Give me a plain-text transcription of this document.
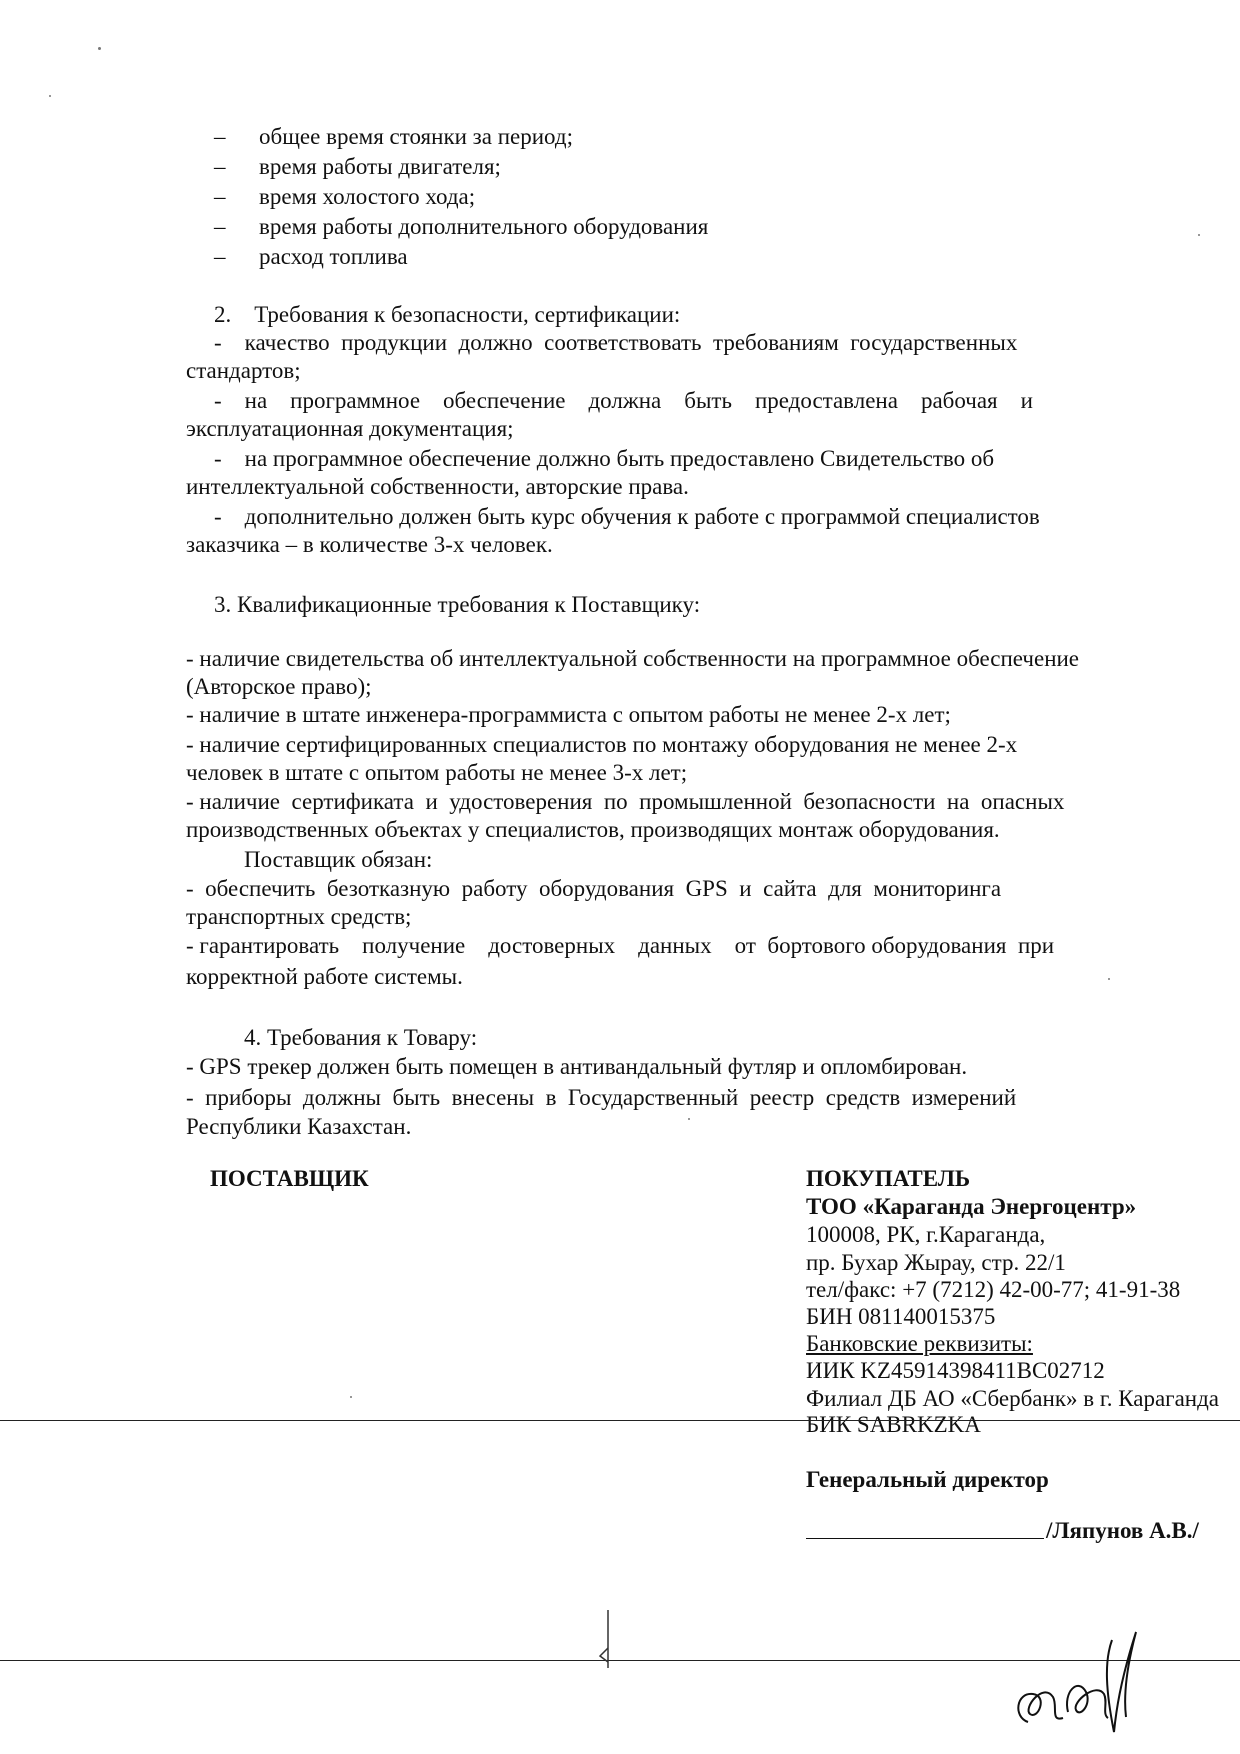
– общее время стоянки за период;
– время работы двигателя;
– время холостого хода;
– время работы дополнительного оборудования
– расход топлива
2.    Требования к безопасности, сертификации:
-    качество  продукции  должно  соответствовать  требованиям  государственных
стандартов;
-    на    программное    обеспечение    должна    быть    предоставлена    рабочая    и
эксплуатационная документация;
-    на программное обеспечение должно быть предоставлено Свидетельство об
интеллектуальной собственности, авторские права.
-    дополнительно должен быть курс обучения к работе с программой специалистов
заказчика – в количестве 3-х человек.
3. Квалификационные требования к Поставщику:
- наличие свидетельства об интеллектуальной собственности на программное обеспечение
(Авторское право);
- наличие в штате инженера-программиста с опытом работы не менее 2-х лет;
- наличие сертифицированных специалистов по монтажу оборудования не менее 2-х
человек в штате с опытом работы не менее 3-х лет;
- наличие  сертификата  и  удостоверения  по  промышленной  безопасности  на  опасных
производственных объектах у специалистов, производящих монтаж оборудования.
Поставщик обязан:
-  обеспечить  безотказную  работу  оборудования  GPS  и  сайта  для  мониторинга
транспортных средств;
- гарантировать    получение    достоверных    данных    от  бортового оборудования  при
корректной работе системы.
4. Требования к Товару:
- GPS трекер должен быть помещен в антивандальный футляр и опломбирован.
-  приборы  должны  быть  внесены  в  Государственный  реестр  средств  измерений
Республики Казахстан.
ПОСТАВЩИК	ПОКУПАТЕЛЬ
ТОО «Караганда Энергоцентр»
100008, РК, г.Караганда,
пр. Бухар Жырау, стр. 22/1
тел/факс: +7 (7212) 42-00-77; 41-91-38
БИН 081140015375
Банковские реквизиты:
ИИК KZ45914398411BC02712
Филиал ДБ АО «Сбербанк» в г. Караганда
БИК SABRKZKA
Генеральный директор
/Ляпунов А.В./
